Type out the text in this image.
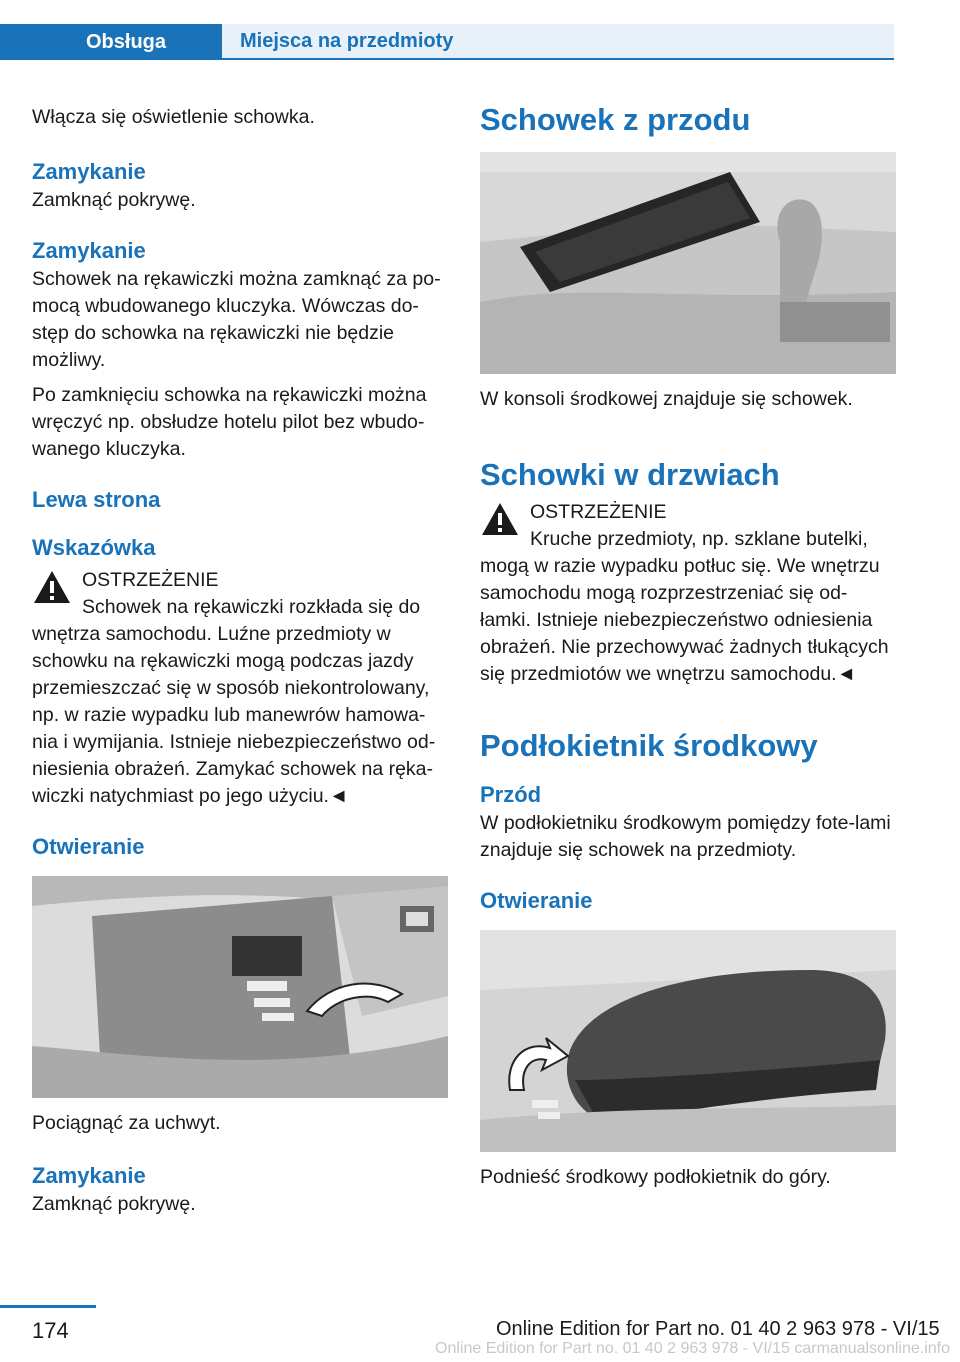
Obsługa	Miejsca na przedmioty

Włącza się oświetlenie schowka.

Zamykanie

Zamknąć pokrywę.

Zamykanie

Schowek na rękawiczki można zamknąć za po-mocą wbudowanego kluczyka. Wówczas do-stęp do schowka na rękawiczki nie będzie możliwy.

Po zamknięciu schowka na rękawiczki można wręczyć np. obsłudze hotelu pilot bez wbudo-wanego kluczyka.

Lewa strona
Wskazówka

OSTRZEŻENIE

Schowek na rękawiczki rozkłada się do wnętrza samochodu. Luźne przedmioty w schowku na rękawiczki mogą podczas jazdy przemieszczać się w sposób niekontrolowany, np. w razie wypadku lub manewrów hamowa-nia i wymijania. Istnieje niebezpieczeństwo od-niesienia obrażeń. Zamykać schowek na ręka-wiczki natychmiast po jego użyciu.◄

Otwieranie

Pociągnąć za uchwyt.

Zamykanie

Zamknąć pokrywę.

Schowek z przodu

W konsoli środkowej znajduje się schowek.

Schowki w drzwiach

OSTRZEŻENIE

Kruche przedmioty, np. szklane butelki, mogą w razie wypadku potłuc się. We wnętrzu samochodu mogą rozprzestrzeniać się od-łamki. Istnieje niebezpieczeństwo odniesienia obrażeń. Nie przechowywać żadnych tłukących się przedmiotów we wnętrzu samochodu.◄

Podłokietnik środkowy
Przód

W podłokietniku środkowym pomiędzy fote-lami znajduje się schowek na przedmioty.

Otwieranie

Podnieść środkowy podłokietnik do góry.

174	Online Edition for Part no. 01 40 2 963 978 - VI/15
Online Edition for Part no. 01 40 2 963 978 - VI/15 carmanualsonline.info
